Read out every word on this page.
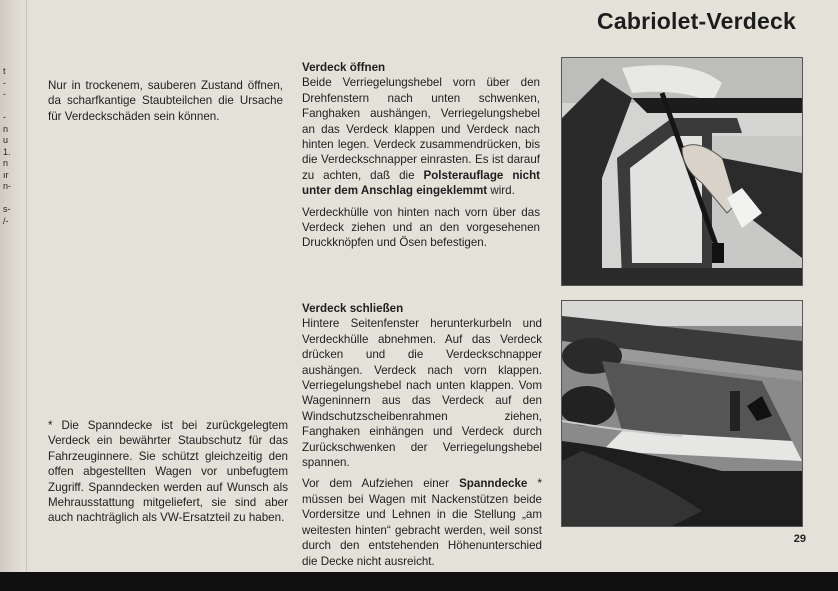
t
-
-
-
n
u
1.
n
ır
n-
s-
/-
Cabriolet-Verdeck

Nur in trockenem, sauberen Zustand öffnen, da scharfkantige Staubteilchen die Ursache für Verdeckschäden sein können.

* Die Spanndecke ist bei zurückgelegtem Verdeck ein bewährter Staubschutz für das Fahrzeuginnere. Sie schützt gleichzeitig den offen abgestellten Wagen vor unbefugtem Zugriff. Spanndecken werden auf Wunsch als Mehrausstattung mitgeliefert, sie sind aber auch nachträglich als VW-Ersatzteil zu haben.

Verdeck öffnen

Beide Verriegelungshebel vorn über den Drehfenstern nach unten schwenken, Fanghaken aushängen, Verriegelungshebel an das Verdeck klappen und Verdeck nach hinten legen. Verdeck zusammendrücken, bis die Verdeckschnapper einrasten. Es ist darauf zu achten, daß die Polsterauflage nicht unter dem Anschlag eingeklemmt wird.

Verdeckhülle von hinten nach vorn über das Verdeck ziehen und an den vorgesehenen Druckknöpfen und Ösen befestigen.

Verdeck schließen

Hintere Seitenfenster herunterkurbeln und Verdeckhülle abnehmen. Auf das Verdeck drücken und die Verdeckschnapper aushängen. Verdeck nach vorn klappen. Verriegelungshebel nach unten klappen. Vom Wageninnern aus das Verdeck auf den Windschutzscheibenrahmen ziehen, Fanghaken einhängen und Verdeck durch Zurückschwenken der Verriegelungshebel spannen.

Vor dem Aufziehen einer Spanndecke * müssen bei Wagen mit Nackenstützen beide Vordersitze und Lehnen in die Stellung „am weitesten hinten“ gebracht werden, weil sonst durch den entstehenden Höhenunterschied die Decke nicht ausreicht.

29
